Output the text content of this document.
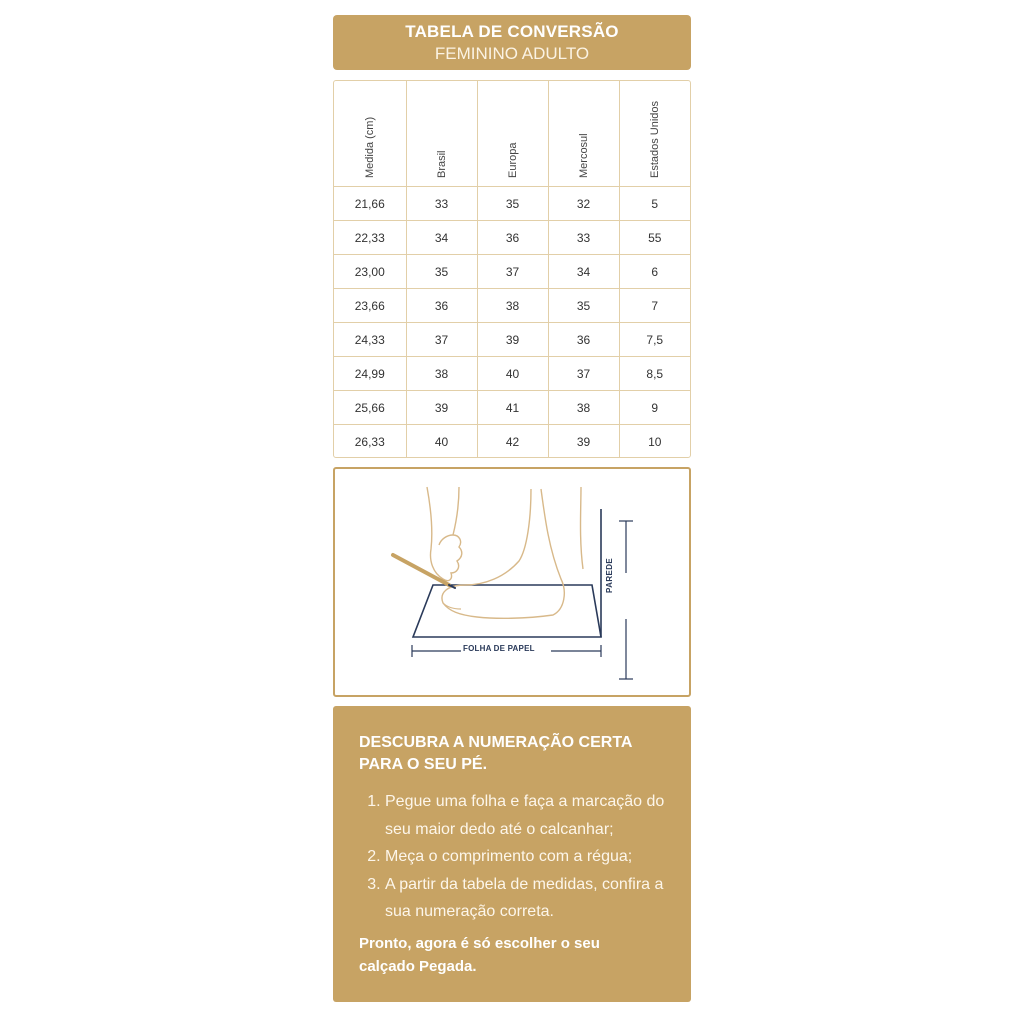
TABELA DE CONVERSÃO
FEMININO ADULTO
Medida (cm)	Brasil	Europa	Mercosul	Estados Unidos

21,66	33	35	32	5
22,33	34	36	33	55
23,00	35	37	34	6
23,66	36	38	35	7
24,33	37	39	36	7,5
24,99	38	40	37	8,5
25,66	39	41	38	9
26,33	40	42	39	10
FOLHA DE PAPEL
PAREDE
DESCUBRA A NUMERAÇÃO CERTA PARA O SEU PÉ.
1. Pegue uma folha e faça a marcação do seu maior dedo até o calcanhar;
2. Meça o comprimento com a régua;
3. A partir da tabela de medidas, confira a sua numeração correta.
Pronto, agora é só escolher o seu calçado Pegada.
